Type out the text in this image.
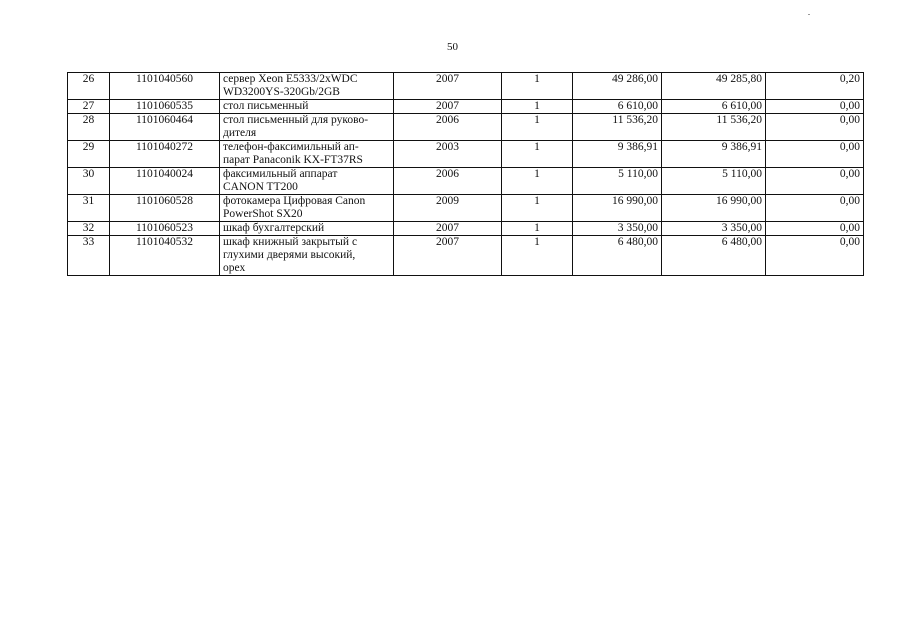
50
26	1101040560	сервер Xeon E5333/2xWDC
WD3200YS-320Gb/2GB	2007	1	49 286,00	49 285,80	0,20
27	1101060535	стол письменный	2007	1	6 610,00	6 610,00	0,00
28	1101060464	стол письменный для руково-
дителя	2006	1	11 536,20	11 536,20	0,00
29	1101040272	телефон-факсимильный ап-
парат Panaconik KX-FT37RS	2003	1	9 386,91	9 386,91	0,00
30	1101040024	факсимильный аппарат
CANON TT200	2006	1	5 110,00	5 110,00	0,00
31	1101060528	фотокамера Цифровая Canon
PowerShot SX20	2009	1	16 990,00	16 990,00	0,00
32	1101060523	шкаф бухгалтерский	2007	1	3 350,00	3 350,00	0,00
33	1101040532	шкаф книжный закрытый с
глухими дверями высокий,
орех	2007	1	6 480,00	6 480,00	0,00
